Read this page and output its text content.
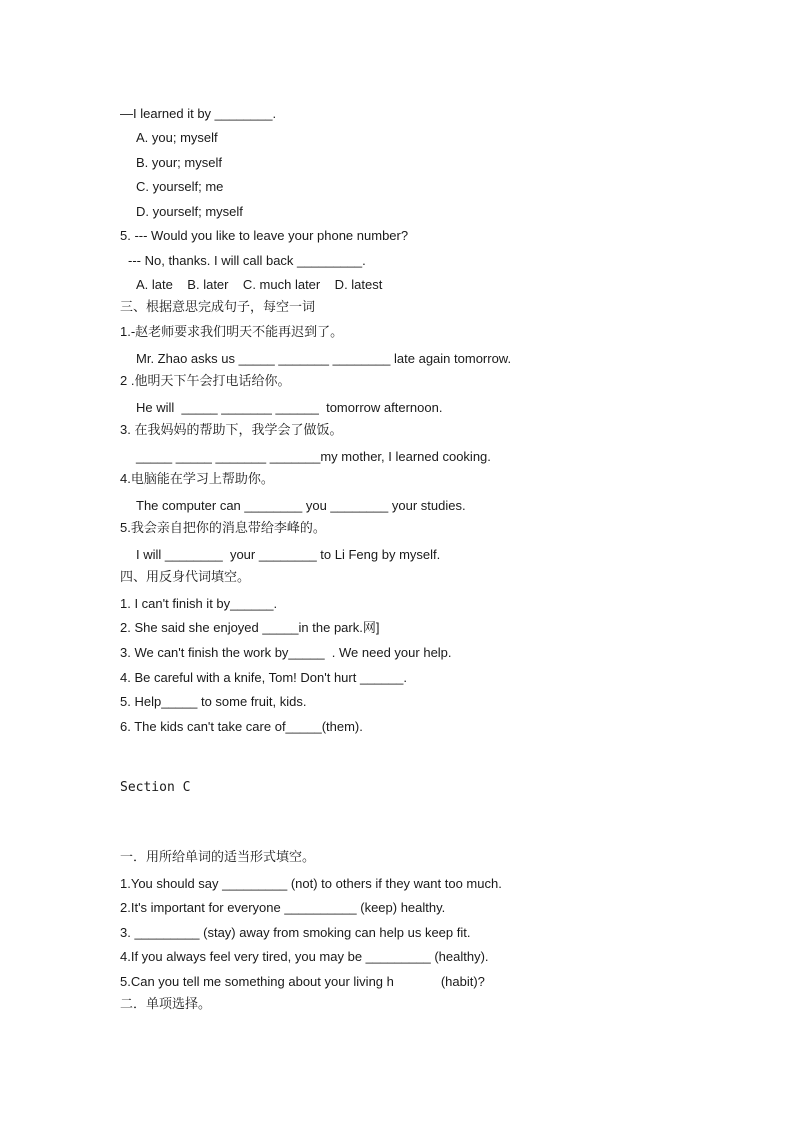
—I learned it by ________.
A. you; myself
B. your; myself
C. yourself; me
D. yourself; myself
5. --- Would you like to leave your phone number?
--- No, thanks. I will call back _________.
A. late    B. later    C. much later    D. latest
三、根据意思完成句子，每空一词
1.-赵老师要求我们明天不能再迟到了。
Mr. Zhao asks us _____ _______ ________ late again tomorrow.
2 .他明天下午会打电话给你。
He will  _____ _______ ______  tomorrow afternoon.
3. 在我妈妈的帮助下，我学会了做饭。
_____ _____ _______ _______my mother, I learned cooking.
4.电脑能在学习上帮助你。
The computer can ________ you ________ your studies.
5.我会亲自把你的消息带给李峰的。
I will ________  your ________ to Li Feng by myself.
四、用反身代词填空。
1. I can't finish it by______.
2. She said she enjoyed _____in the park.网]
3. We can't finish the work by_____  . We need your help.
4. Be careful with a knife, Tom! Don't hurt ______.
5. Help_____ to some fruit, kids.
6. The kids can't take care of_____(them).
Section C
一．用所给单词的适当形式填空。
1.You should say _________ (not) to others if they want too much.
2.It's important for everyone __________ (keep) healthy.
3. _________ (stay) away from smoking can help us keep fit.
4.If you always feel very tired, you may be _________ (healthy).
5.Can you tell me something about your living h             (habit)?
二．单项选择。
